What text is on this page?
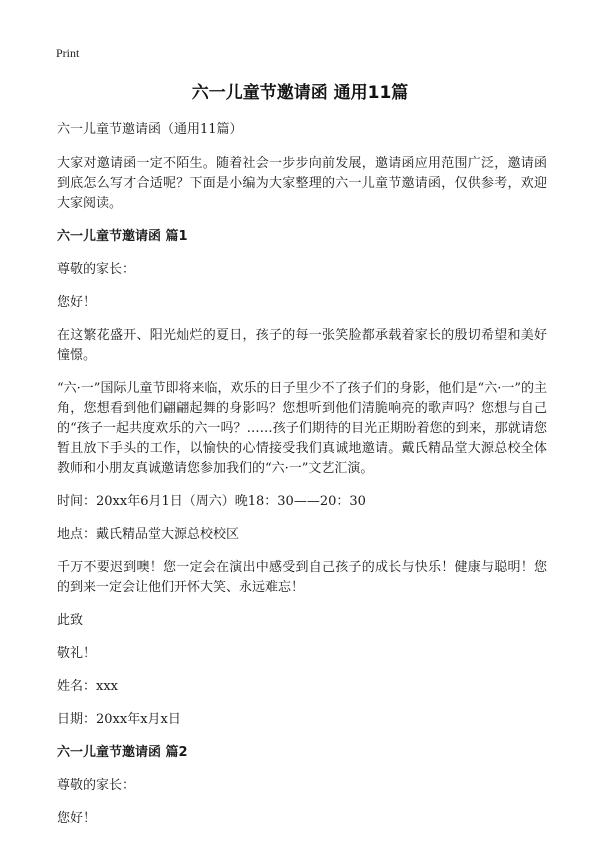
Print
六一儿童节邀请函 通用11篇

六一儿童节邀请函（通用11篇）

大家对邀请函一定不陌生。随着社会一步步向前发展，邀请函应用范围广泛，邀请函到底怎么写才合适呢？下面是小编为大家整理的六一儿童节邀请函，仅供参考，欢迎大家阅读。

六一儿童节邀请函 篇1

尊敬的家长：

您好！

在这繁花盛开、阳光灿烂的夏日，孩子的每一张笑脸都承载着家长的殷切希望和美好憧憬。

“六·一”国际儿童节即将来临，欢乐的日子里少不了孩子们的身影，他们是“六·一”的主角，您想看到他们翩翩起舞的身影吗？您想听到他们清脆响亮的歌声吗？您想与自己的“孩子一起共度欢乐的六一吗？……孩子们期待的目光正期盼着您的到来，那就请您暂且放下手头的工作，以愉快的心情接受我们真诚地邀请。戴氏精品堂大源总校全体教师和小朋友真诚邀请您参加我们的“六·一”文艺汇演。

时间：20xx年6月1日（周六）晚18：30——20：30

地点：戴氏精品堂大源总校校区

千万不要迟到噢！您一定会在演出中感受到自己孩子的成长与快乐！健康与聪明！您的到来一定会让他们开怀大笑、永远难忘！

此致

敬礼！

姓名：xxx

日期：20xx年x月x日

六一儿童节邀请函 篇2

尊敬的家长：

您好！
